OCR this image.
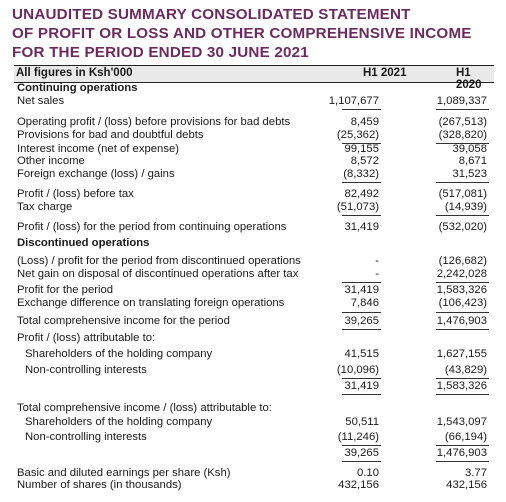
UNAUDITED SUMMARY CONSOLIDATED STATEMENT
OF PROFIT OR LOSS AND OTHER COMPREHENSIVE INCOME
FOR THE PERIOD ENDED 30 JUNE 2021
All figures in Ksh'000	H1 2021	H1 2020
Continuing operations
Net sales	1,107,677	1,089,337
Operating profit / (loss) before provisions for bad debts	8,459	(267,513)
Provisions for bad and doubtful debts	(25,362)	(328,820)
Interest income (net of expense)	99,155	39,058
Other income	8,572	8,671
Foreign exchange (loss) / gains	(8,332)	31,523
Profit / (loss) before tax	82,492	(517,081)
Tax charge	(51,073)	(14,939)
Profit / (loss) for the period from continuing operations	31,419	(532,020)
Discontinued operations
(Loss) / profit for the period from discontinued operations	-	(126,682)
Net gain on disposal of discontinued operations after tax	-	2,242,028
Profit for the period	31,419	1,583,326
Exchange difference on translating foreign operations	7,846	(106,423)
Total comprehensive income for the period	39,265	1,476,903
Profit / (loss) attributable to:
Shareholders of the holding company	41,515	1,627,155
Non-controlling interests	(10,096)	(43,829)
31,419	1,583,326
Total comprehensive income / (loss) attributable to:
Shareholders of the holding company	50,511	1,543,097
Non-controlling interests	(11,246)	(66,194)
39,265	1,476,903
Basic and diluted earnings per share (Ksh)	0.10	3.77
Number of shares (in thousands)	432,156	432,156
